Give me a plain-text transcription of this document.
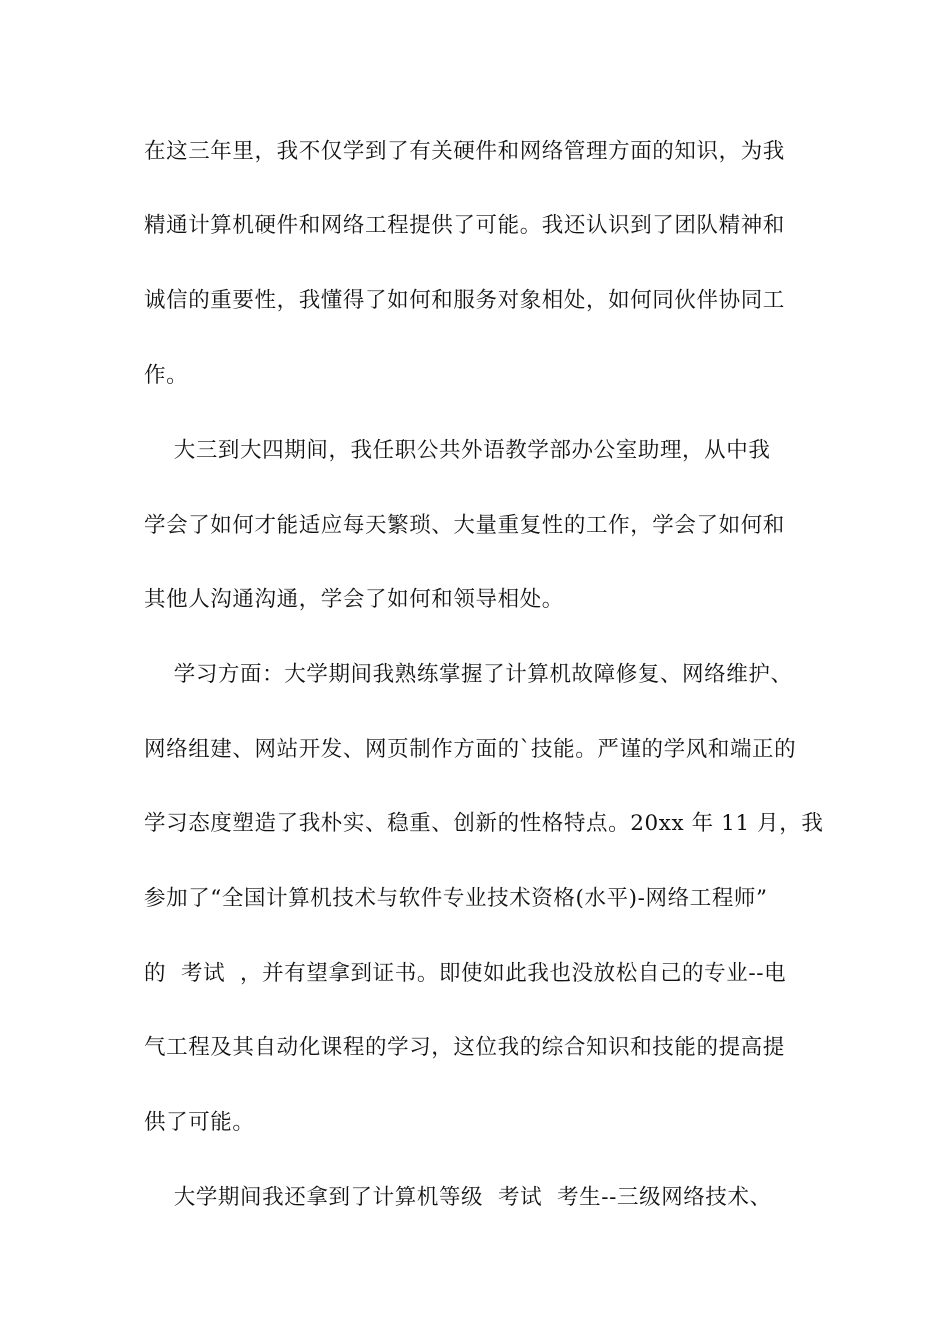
在这三年里，我不仅学到了有关硬件和网络管理方面的知识，为我
精通计算机硬件和网络工程提供了可能。我还认识到了团队精神和
诚信的重要性，我懂得了如何和服务对象相处，如何同伙伴协同工
作。
大三到大四期间，我任职公共外语教学部办公室助理，从中我
学会了如何才能适应每天繁琐、大量重复性的工作，学会了如何和
其他人沟通沟通，学会了如何和领导相处。
学习方面：大学期间我熟练掌握了计算机故障修复、网络维护、
网络组建、网站开发、网页制作方面的`技能。严谨的学风和端正的
学习态度塑造了我朴实、稳重、创新的性格特点。20xx 年 11 月，我
参加了“全国计算机技术与软件专业技术资格(水平)-网络工程师”
的  考试  ，并有望拿到证书。即使如此我也没放松自己的专业--电
气工程及其自动化课程的学习，这位我的综合知识和技能的提高提
供了可能。
大学期间我还拿到了计算机等级  考试  考生--三级网络技术、
